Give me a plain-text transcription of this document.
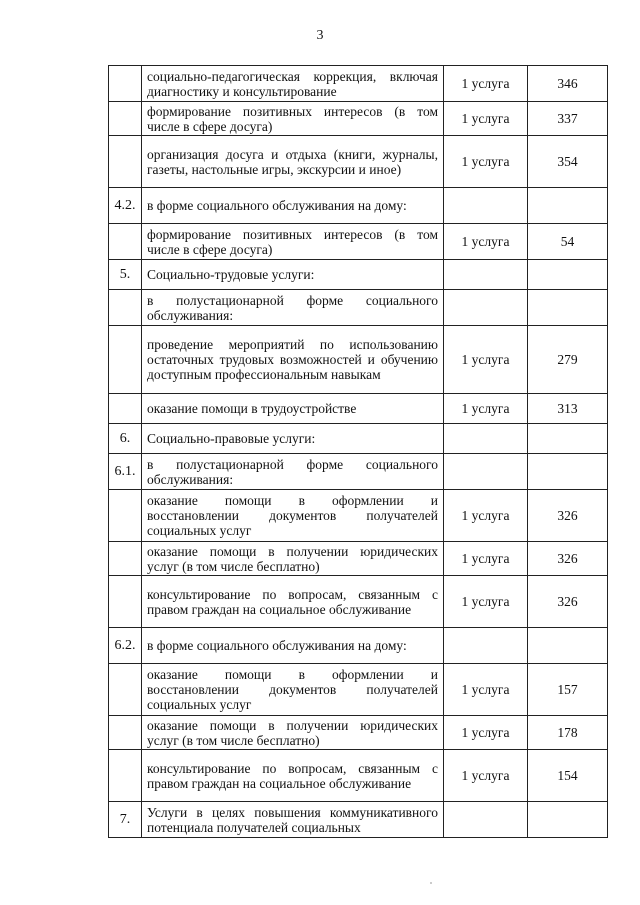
3
	социально-педагогическая коррекция, включая диагностику и консультирование	1 услуга	346
	формирование позитивных интересов (в том числе в сфере досуга)	1 услуга	337
	организация досуга и отдыха (книги, журналы, газеты, настольные игры, экскурсии и иное)	1 услуга	354
4.2.	в форме социального обслуживания на дому:		
	формирование позитивных интересов (в том числе в сфере досуга)	1 услуга	54
5.	Социально-трудовые услуги:		
	в полустационарной форме социального обслуживания:		
	проведение мероприятий по использованию остаточных трудовых возможностей и обучению доступным профессиональным навыкам	1 услуга	279
	оказание помощи в трудоустройстве	1 услуга	313
6.	Социально-правовые услуги:		
6.1.	в полустационарной форме социального обслуживания:		
	оказание помощи в оформлении и восстановлении документов получателей социальных услуг	1 услуга	326
	оказание помощи в получении юридических услуг (в том числе бесплатно)	1 услуга	326
	консультирование по вопросам, связанным с правом граждан на социальное обслуживание	1 услуга	326
6.2.	в форме социального обслуживания на дому:		
	оказание помощи в оформлении и восстановлении документов получателей социальных услуг	1 услуга	157
	оказание помощи в получении юридических услуг (в том числе бесплатно)	1 услуга	178
	консультирование по вопросам, связанным с правом граждан на социальное обслуживание	1 услуга	154
7.	Услуги в целях повышения коммуникативного потенциала получателей социальных		
